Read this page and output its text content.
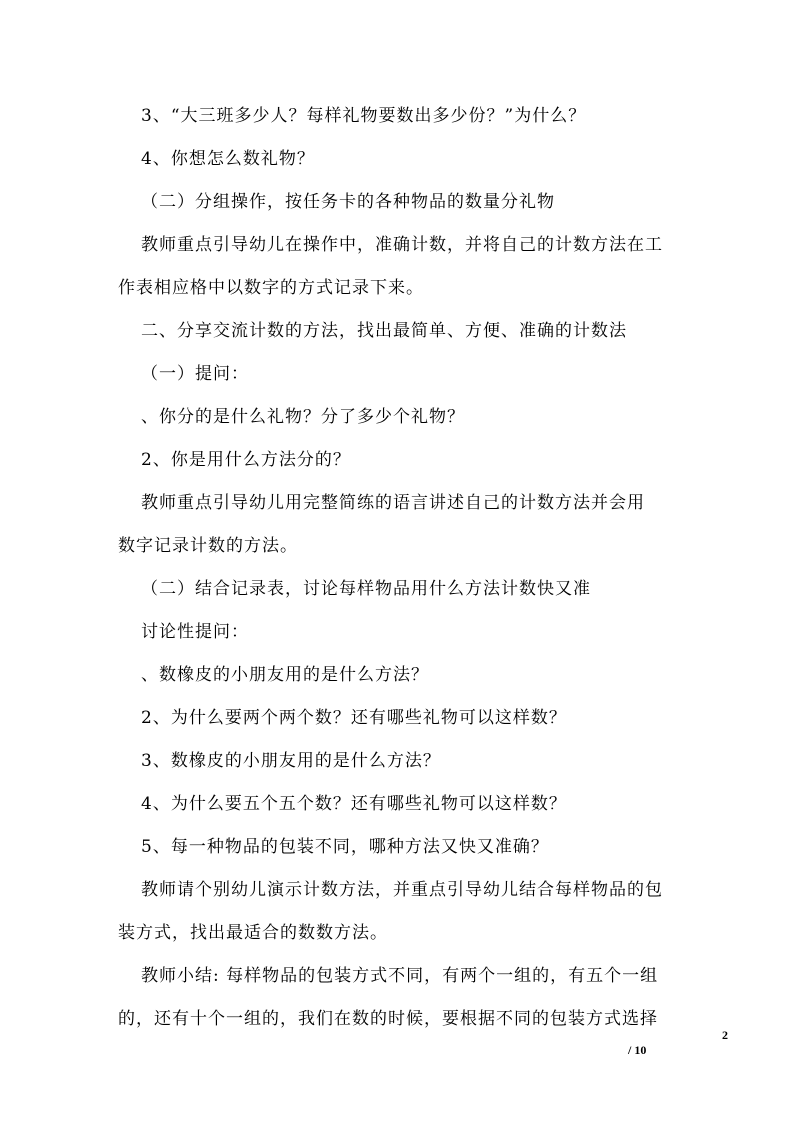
3、“大三班多少人？每样礼物要数出多少份？”为什么？
4、你想怎么数礼物？
（二）分组操作，按任务卡的各种物品的数量分礼物
教师重点引导幼儿在操作中，准确计数，并将自己的计数方法在工
作表相应格中以数字的方式记录下来。
二、分享交流计数的方法，找出最简单、方便、准确的计数法
（一）提问：
、你分的是什么礼物？分了多少个礼物？
2、你是用什么方法分的？
教师重点引导幼儿用完整简练的语言讲述自己的计数方法并会用
数字记录计数的方法。
（二）结合记录表，讨论每样物品用什么方法计数快又准
讨论性提问：
、数橡皮的小朋友用的是什么方法？
2、为什么要两个两个数？还有哪些礼物可以这样数？
3、数橡皮的小朋友用的是什么方法？
4、为什么要五个五个数？还有哪些礼物可以这样数？
5、每一种物品的包装不同，哪种方法又快又准确？
教师请个别幼儿演示计数方法，并重点引导幼儿结合每样物品的包
装方式，找出最适合的数数方法。
教师小结: 每样物品的包装方式不同，有两个一组的，有五个一组
的，还有十个一组的，我们在数的时候，要根据不同的包装方式选择
2
/ 10
